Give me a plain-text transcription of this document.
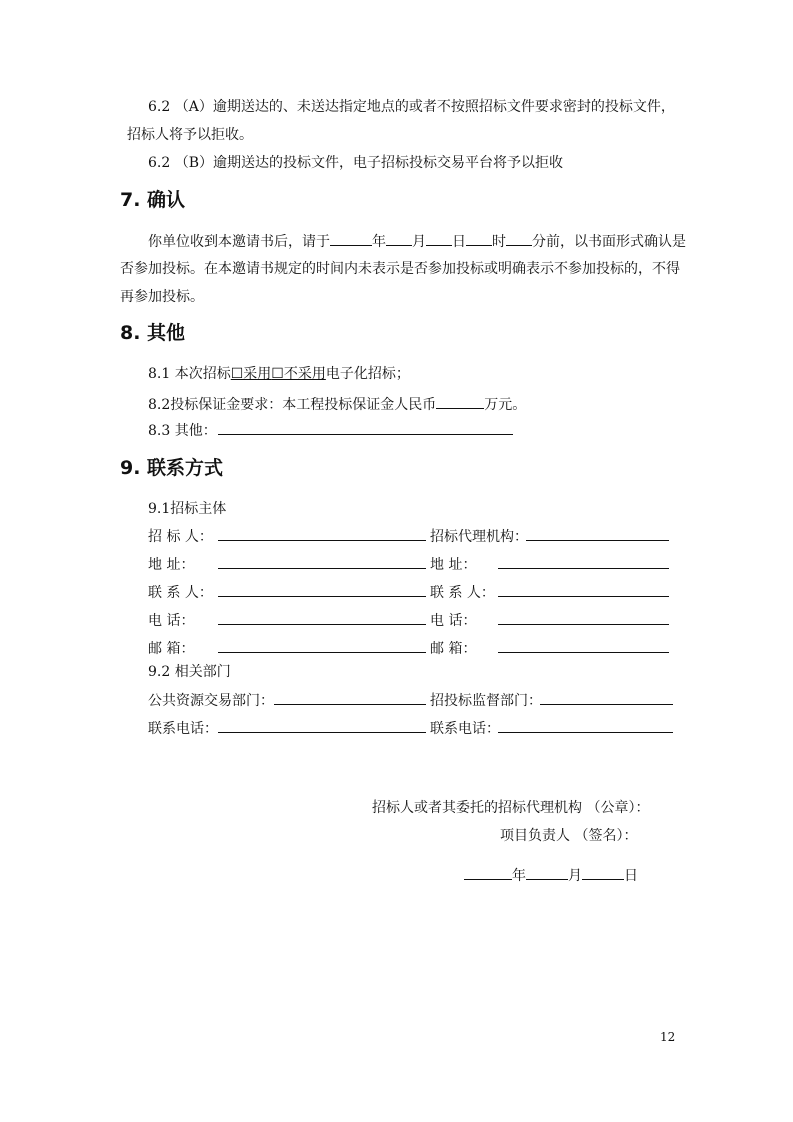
6.2 （A）逾期送达的、未送达指定地点的或者不按照招标文件要求密封的投标文件，
招标人将予以拒收。
6.2 （B）逾期送达的投标文件，电子招标投标交易平台将予以拒收
7. 确认
你单位收到本邀请书后，请于	年 月 日 时 分前，以书面形式确认是
否参加投标。在本邀请书规定的时间内未表示是否参加投标或明确表示不参加投标的，不得
再参加投标。
8. 其他
8.1 本次招标☐采用☐不采用电子化招标；
8.2投标保证金要求：本工程投标保证金人民币	万元。
8.3 其他：
9. 联系方式
9.1招标主体
招 标 人：	招标代理机构：
地 址：	地 址：
联 系 人：	联 系 人：
电 话：	电 话：
邮 箱：	邮 箱：
9.2 相关部门
公共资源交易部门：	招投标监督部门：
联系电话：	联系电话：
招标人或者其委托的招标代理机构 （公章）：
项目负责人 （签名）：
年	月	日
12
